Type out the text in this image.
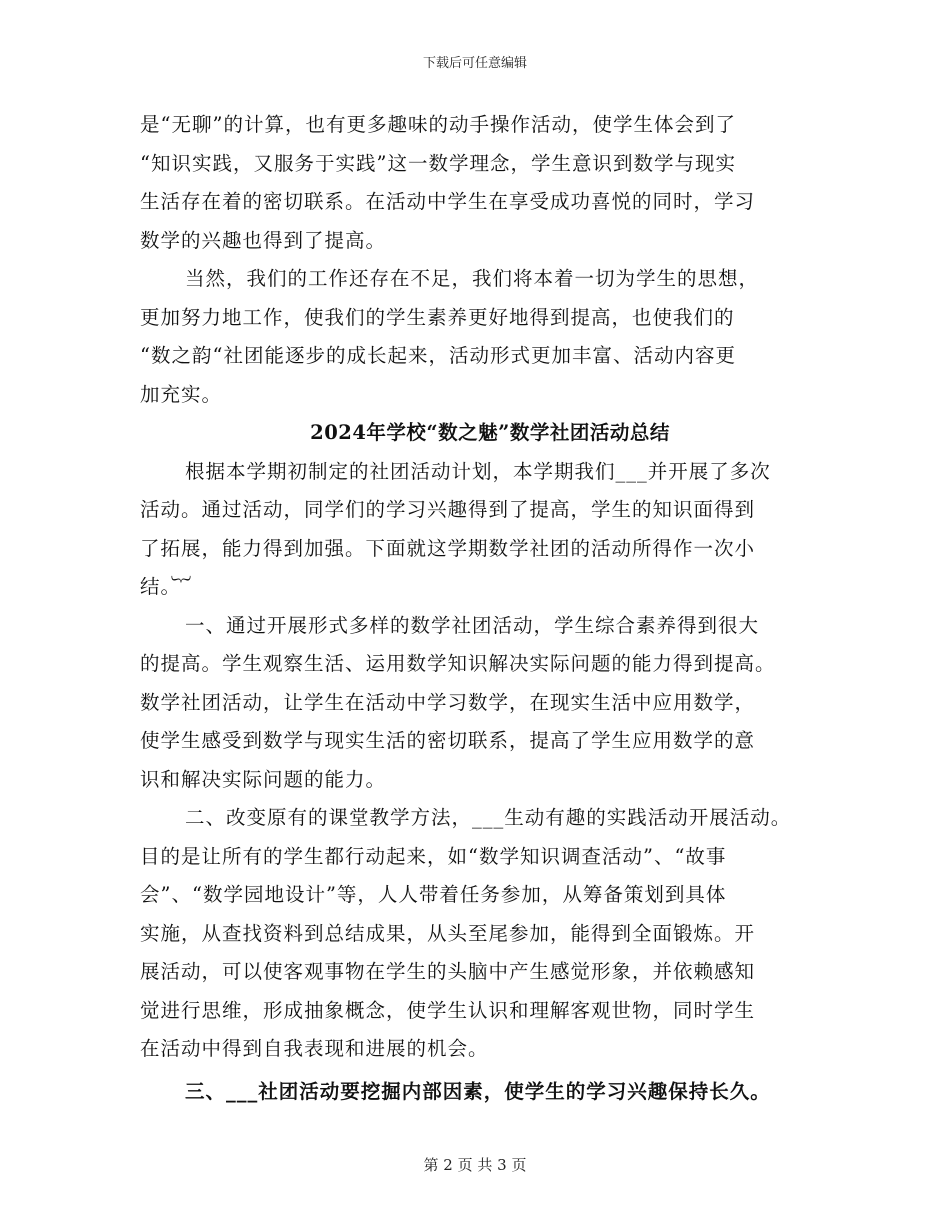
下载后可任意编辑

是“无聊”的计算，也有更多趣味的动手操作活动，使学生体会到了
“知识实践，又服务于实践”这一数学理念，学生意识到数学与现实
生活存在着的密切联系。在活动中学生在享受成功喜悦的同时，学习
数学的兴趣也得到了提高。

当然，我们的工作还存在不足，我们将本着一切为学生的思想，
更加努力地工作，使我们的学生素养更好地得到提高，也使我们的
“数之韵“社团能逐步的成长起来，活动形式更加丰富、活动内容更
加充实。

2024年学校“数之魅”数学社团活动总结

根据本学期初制定的社团活动计划，本学期我们___并开展了多次
活动。通过活动，同学们的学习兴趣得到了提高，学生的知识面得到
了拓展，能力得到加强。下面就这学期数学社团的活动所得作一次小
结。︸

一、通过开展形式多样的数学社团活动，学生综合素养得到很大
的提高。学生观察生活、运用数学知识解决实际问题的能力得到提高。
数学社团活动，让学生在活动中学习数学，在现实生活中应用数学，
使学生感受到数学与现实生活的密切联系，提高了学生应用数学的意
识和解决实际问题的能力。

二、改变原有的课堂教学方法，___生动有趣的实践活动开展活动。
目的是让所有的学生都行动起来，如“数学知识调查活动”、“故事
会”、“数学园地设计”等，人人带着任务参加，从筹备策划到具体
实施，从查找资料到总结成果，从头至尾参加，能得到全面锻炼。开
展活动，可以使客观事物在学生的头脑中产生感觉形象，并依赖感知
觉进行思维，形成抽象概念，使学生认识和理解客观世物，同时学生
在活动中得到自我表现和进展的机会。

三、___社团活动要挖掘内部因素，使学生的学习兴趣保持长久。

第 2 页 共 3 页
